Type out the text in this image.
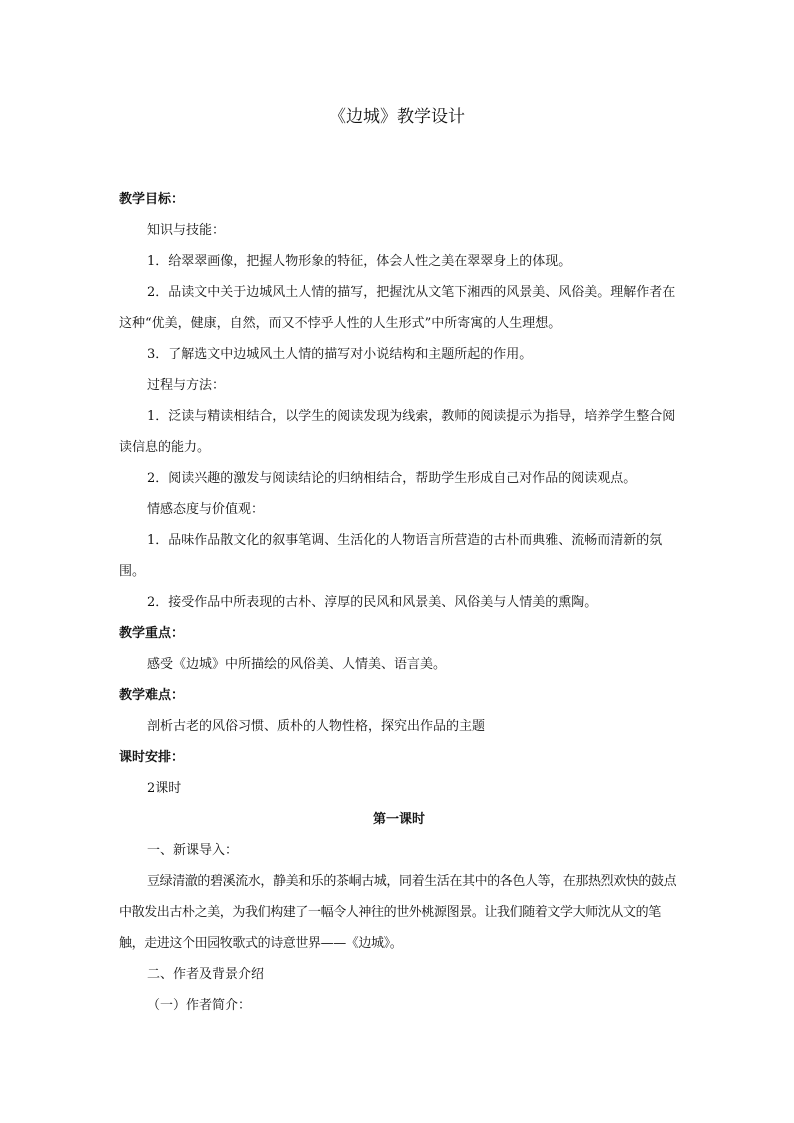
《边城》教学设计

教学目标：

知识与技能：

1．给翠翠画像，把握人物形象的特征，体会人性之美在翠翠身上的体现。

2．品读文中关于边城风土人情的描写，把握沈从文笔下湘西的风景美、风俗美。理解作者在这种“优美，健康，自然，而又不悖乎人性的人生形式”中所寄寓的人生理想。

3．了解选文中边城风土人情的描写对小说结构和主题所起的作用。

过程与方法：

1．泛读与精读相结合，以学生的阅读发现为线索，教师的阅读提示为指导，培养学生整合阅读信息的能力。

2．阅读兴趣的激发与阅读结论的归纳相结合，帮助学生形成自己对作品的阅读观点。

情感态度与价值观：

1．品味作品散文化的叙事笔调、生活化的人物语言所营造的古朴而典雅、流畅而清新的氛围。

2．接受作品中所表现的古朴、淳厚的民风和风景美、风俗美与人情美的熏陶。

教学重点：

感受《边城》中所描绘的风俗美、人情美、语言美。

教学难点：

剖析古老的风俗习惯、质朴的人物性格，探究出作品的主题

课时安排：

2课时

第一课时

一、新课导入：

豆绿清澈的碧溪流水，静美和乐的茶峒古城，同着生活在其中的各色人等，在那热烈欢快的鼓点中散发出古朴之美，为我们构建了一幅令人神往的世外桃源图景。让我们随着文学大师沈从文的笔触，走进这个田园牧歌式的诗意世界——《边城》。

二、作者及背景介绍

（一）作者简介：
